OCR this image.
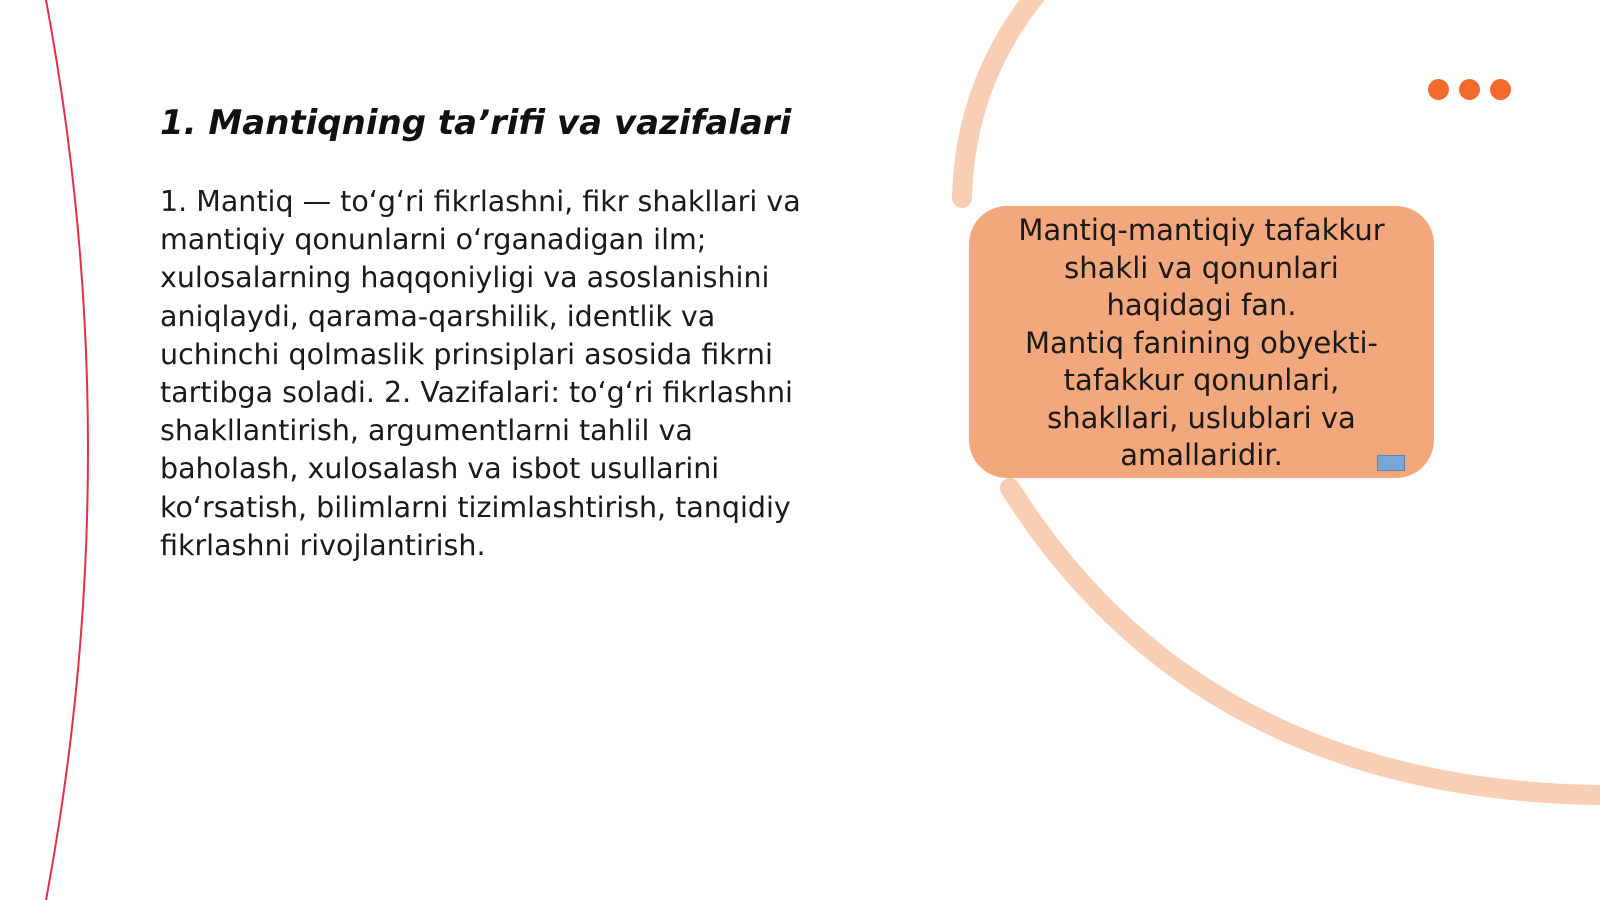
1. Mantiqning ta’rifi va vazifalari

1. Mantiq — to‘g‘ri fikrlashni, fikr shakllari va mantiqiy qonunlarni o‘rganadigan ilm; xulosalarning haqqoniyligi va asoslanishini aniqlaydi, qarama-qarshilik, identlik va uchinchi qolmaslik prinsiplari asosida fikrni tartibga soladi. 2. Vazifalari: to‘g‘ri fikrlashni shakllantirish, argumentlarni tahlil va baholash, xulosalash va isbot usullarini ko‘rsatish, bilimlarni tizimlashtirish, tanqidiy fikrlashni rivojlantirish.

Mantiq-mantiqiy tafakkur
shakli va qonunlari
haqidagi fan.
Mantiq fanining obyekti-
tafakkur qonunlari,
shakllari, uslublari va
amallaridir.
